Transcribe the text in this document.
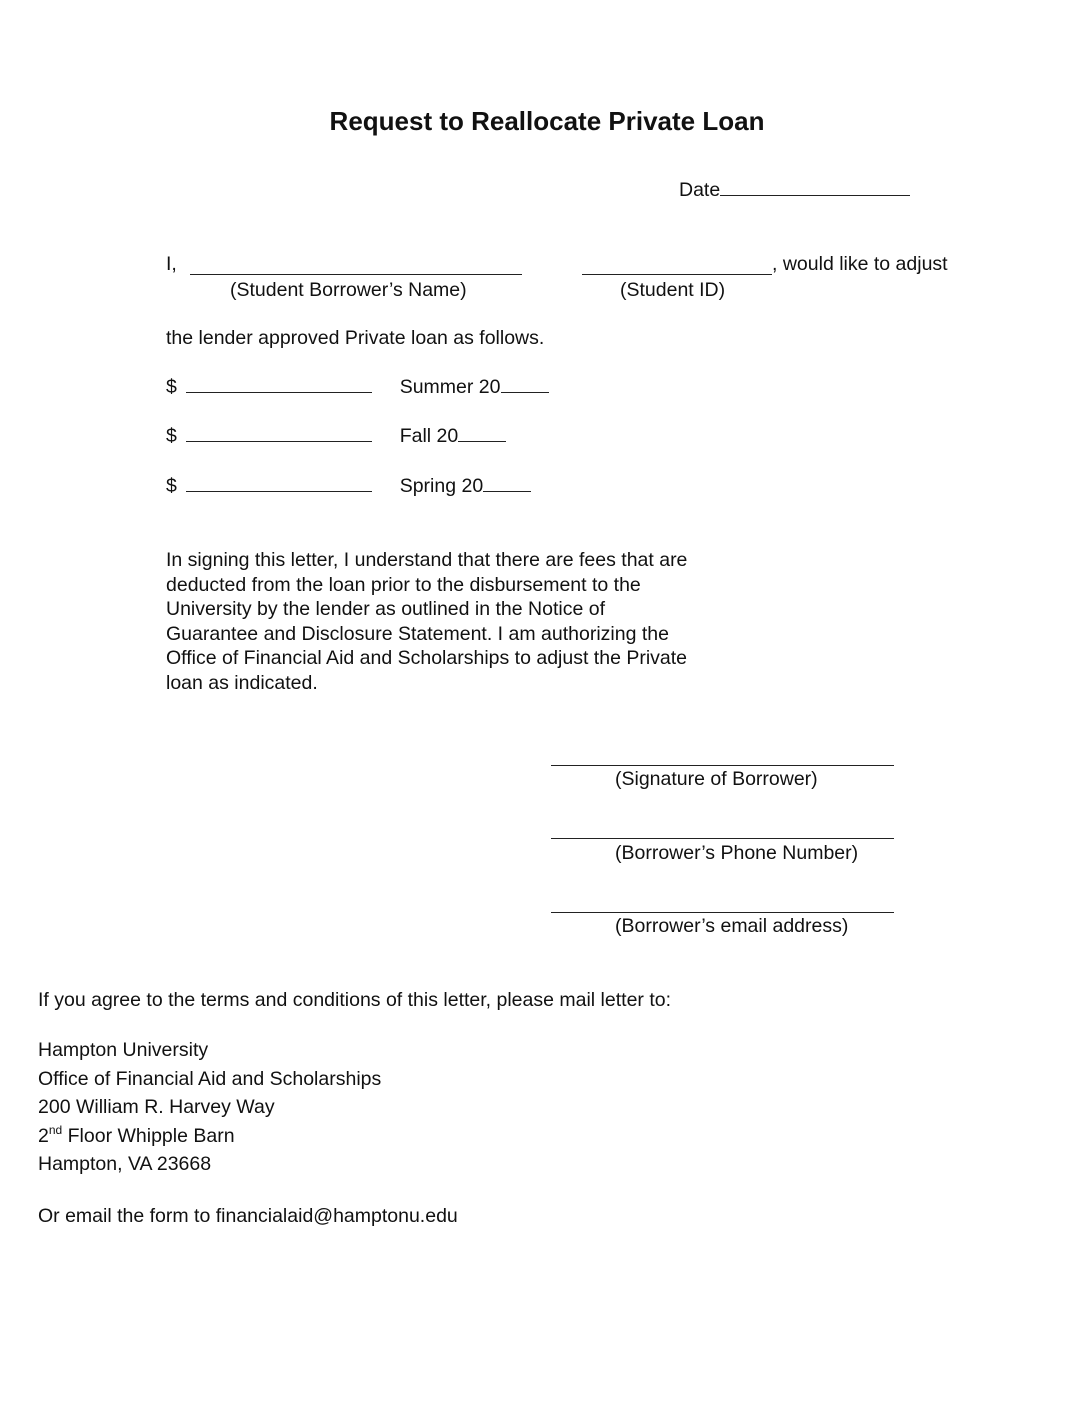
Request to Reallocate Private Loan
Date
I,	, would like to adjust
(Student Borrower’s Name)	(Student ID)
the lender approved Private loan as follows.
$	Summer 20
$	Fall 20
$	Spring 20
In signing this letter, I understand that there are fees that are
deducted from the loan prior to the disbursement to the
University by the lender as outlined in the Notice of
Guarantee and Disclosure Statement. I am authorizing the
Office of Financial Aid and Scholarships to adjust the Private
loan as indicated.
(Signature of Borrower)
(Borrower’s Phone Number)
(Borrower’s email address)
If you agree to the terms and conditions of this letter, please mail letter to:
Hampton University
Office of Financial Aid and Scholarships
200 William R. Harvey Way
2nd Floor Whipple Barn
Hampton, VA 23668
Or email the form to financialaid@hamptonu.edu
